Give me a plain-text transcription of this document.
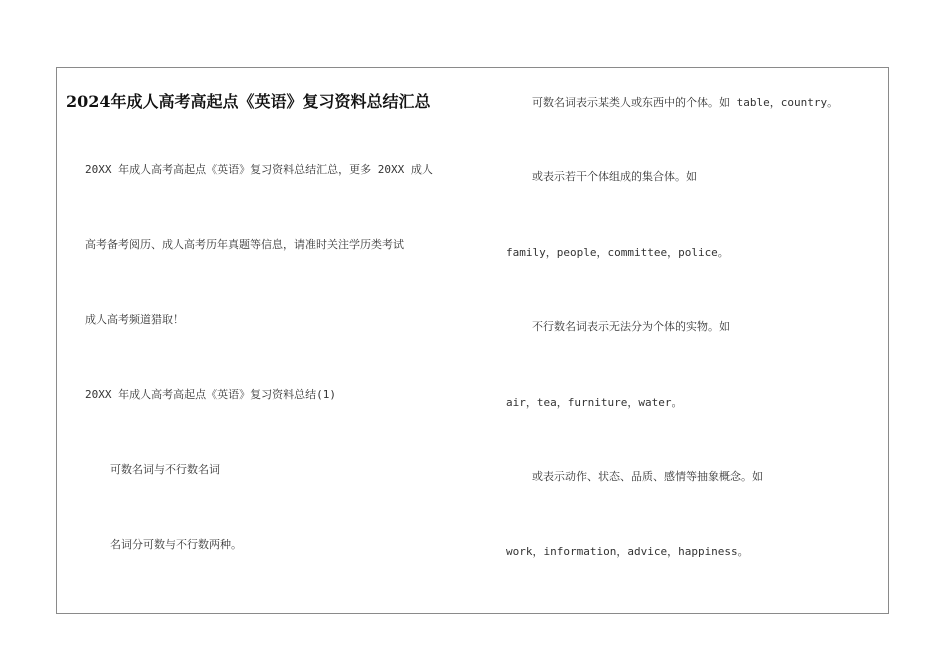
2024年成人高考高起点《英语》复习资料总结汇总
20XX 年成人高考高起点《英语》复习资料总结汇总，更多 20XX 成人
高考备考阅历、成人高考历年真题等信息，请准时关注学历类考试
成人高考频道猎取！
20XX 年成人高考高起点《英语》复习资料总结(1)
可数名词与不行数名词
名词分可数与不行数两种。
可数名词表示某类人或东西中的个体。如 table，country。
或表示若干个体组成的集合体。如
family，people，committee，police。
不行数名词表示无法分为个体的实物。如
air，tea，furniture，water。
或表示动作、状态、品质、感情等抽象概念。如
work，information，advice，happiness。
